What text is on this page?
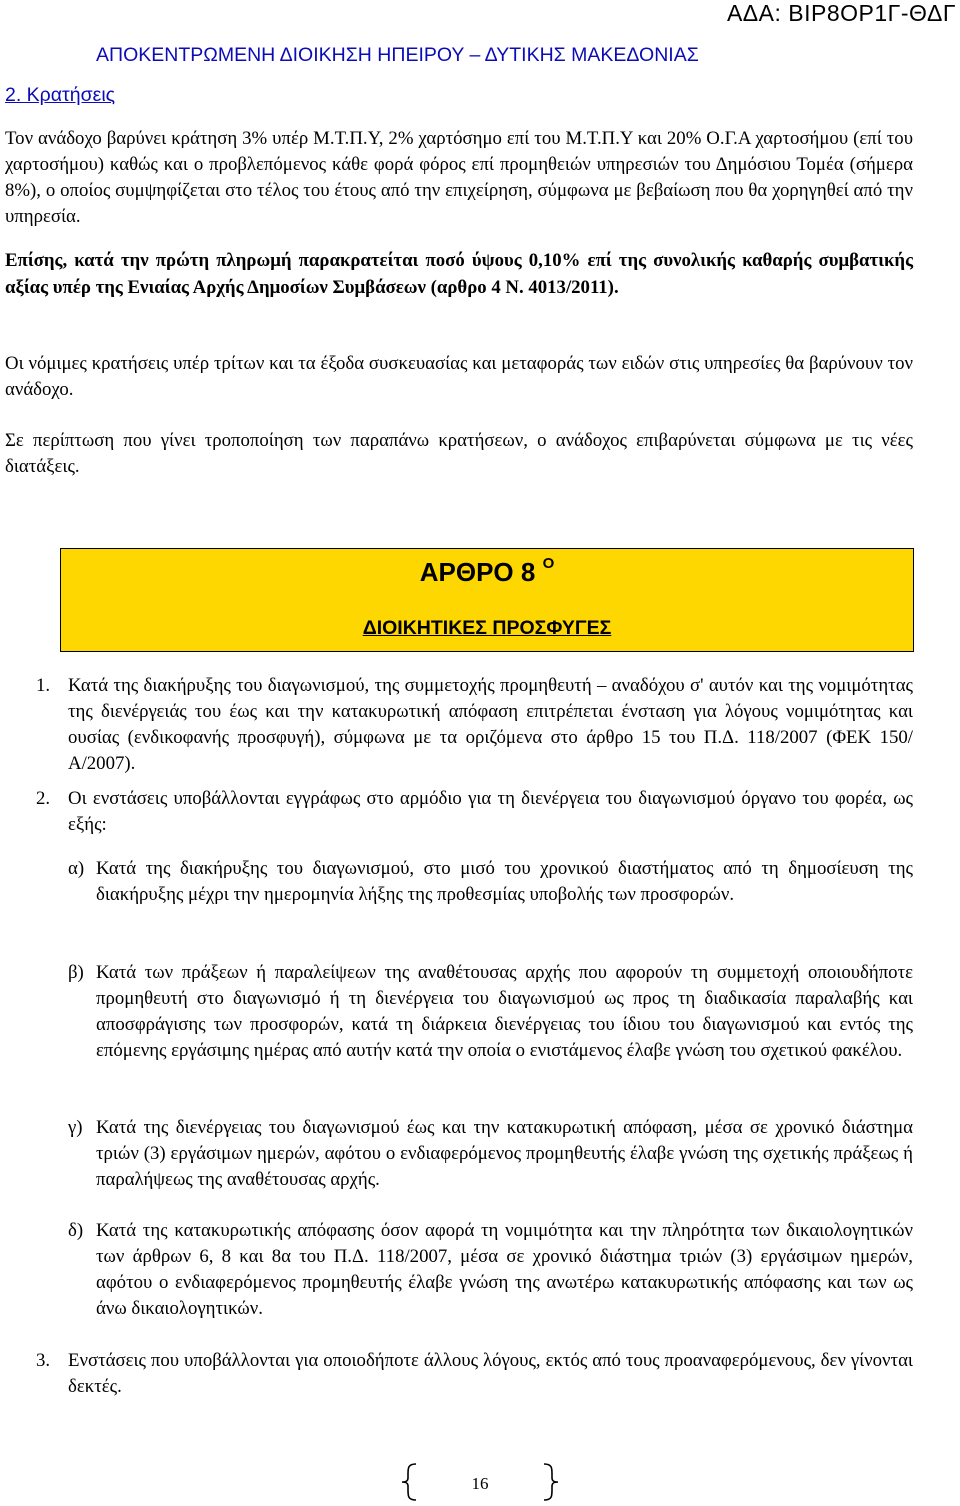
ΑΔΑ: ΒΙΡ8ΟΡ1Γ-ΘΔΓ
ΑΠΟΚΕΝΤΡΩΜΕΝΗ ΔΙΟΙΚΗΣΗ ΗΠΕΙΡΟΥ – ΔΥΤΙΚΗΣ ΜΑΚΕΔΟΝΙΑΣ
2. Κρατήσεις
Τον ανάδοχο βαρύνει κράτηση 3% υπέρ Μ.Τ.Π.Υ, 2% χαρτόσημο επί του Μ.Τ.Π.Υ και 20% Ο.Γ.Α χαρτοσήμου (επί του χαρτοσήμου) καθώς και ο προβλεπόμενος κάθε φορά φόρος επί προμηθειών υπηρεσιών του Δημόσιου Τομέα (σήμερα 8%), ο οποίος συμψηφίζεται στο τέλος του έτους από την επιχείρηση, σύμφωνα με βεβαίωση που θα χορηγηθεί από την υπηρεσία.
Επίσης, κατά την πρώτη πληρωμή παρακρατείται ποσό ύψους 0,10% επί της συνολικής καθαρής συμβατικής αξίας υπέρ της Ενιαίας Αρχής Δημοσίων Συμβάσεων (αρθρο 4 Ν. 4013/2011).
Οι νόμιμες κρατήσεις υπέρ τρίτων και τα έξοδα συσκευασίας και μεταφοράς των ειδών στις υπηρεσίες θα βαρύνουν τον ανάδοχο.
Σε περίπτωση που γίνει τροποποίηση των παραπάνω κρατήσεων, ο ανάδοχος επιβαρύνεται σύμφωνα με τις νέες διατάξεις.
ΑΡΘΡΟ 8 $^O$
ΔΙΟΙΚΗΤΙΚΕΣ ΠΡΟΣΦΥΓΕΣ
1. Κατά της διακήρυξης του διαγωνισμού, της συμμετοχής προμηθευτή – αναδόχου σ' αυτόν και της νομιμότητας της διενέργειάς του έως και την κατακυρωτική απόφαση επιτρέπεται ένσταση για λόγους νομιμότητας και ουσίας (ενδικοφανής προσφυγή), σύμφωνα με τα οριζόμενα στο άρθρο 15 του Π.Δ. 118/2007 (ΦΕΚ 150/Α/2007).
2. Οι ενστάσεις υποβάλλονται εγγράφως στο αρμόδιο για τη διενέργεια του διαγωνισμού όργανο του φορέα, ως εξής:
α) Κατά της διακήρυξης του διαγωνισμού, στο μισό του χρονικού διαστήματος από τη δημοσίευση της διακήρυξης μέχρι την ημερομηνία λήξης της προθεσμίας υποβολής των προσφορών.
β) Κατά των πράξεων ή παραλείψεων της αναθέτουσας αρχής που αφορούν τη συμμετοχή οποιουδήποτε προμηθευτή στο διαγωνισμό ή τη διενέργεια του διαγωνισμού ως προς τη διαδικασία παραλαβής και αποσφράγισης των προσφορών, κατά τη διάρκεια διενέργειας του ίδιου του διαγωνισμού και εντός της επόμενης εργάσιμης ημέρας από αυτήν κατά την οποία ο ενιστάμενος έλαβε γνώση του σχετικού φακέλου.
γ) Κατά της διενέργειας του διαγωνισμού έως και την κατακυρωτική απόφαση, μέσα σε χρονικό διάστημα τριών (3) εργάσιμων ημερών, αφότου ο ενδιαφερόμενος προμηθευτής έλαβε γνώση της σχετικής πράξεως ή παραλήψεως της αναθέτουσας αρχής.
δ) Κατά της κατακυρωτικής απόφασης όσον αφορά τη νομιμότητα και την πληρότητα των δικαιολογητικών των άρθρων 6, 8 και 8α του Π.Δ. 118/2007, μέσα σε χρονικό διάστημα τριών (3) εργάσιμων ημερών, αφότου ο ενδιαφερόμενος προμηθευτής έλαβε γνώση της ανωτέρω κατακυρωτικής απόφασης και των ως άνω δικαιολογητικών.
3. Ενστάσεις που υποβάλλονται για οποιοδήποτε άλλους λόγους, εκτός από τους προαναφερόμενους, δεν γίνονται δεκτές.
16
